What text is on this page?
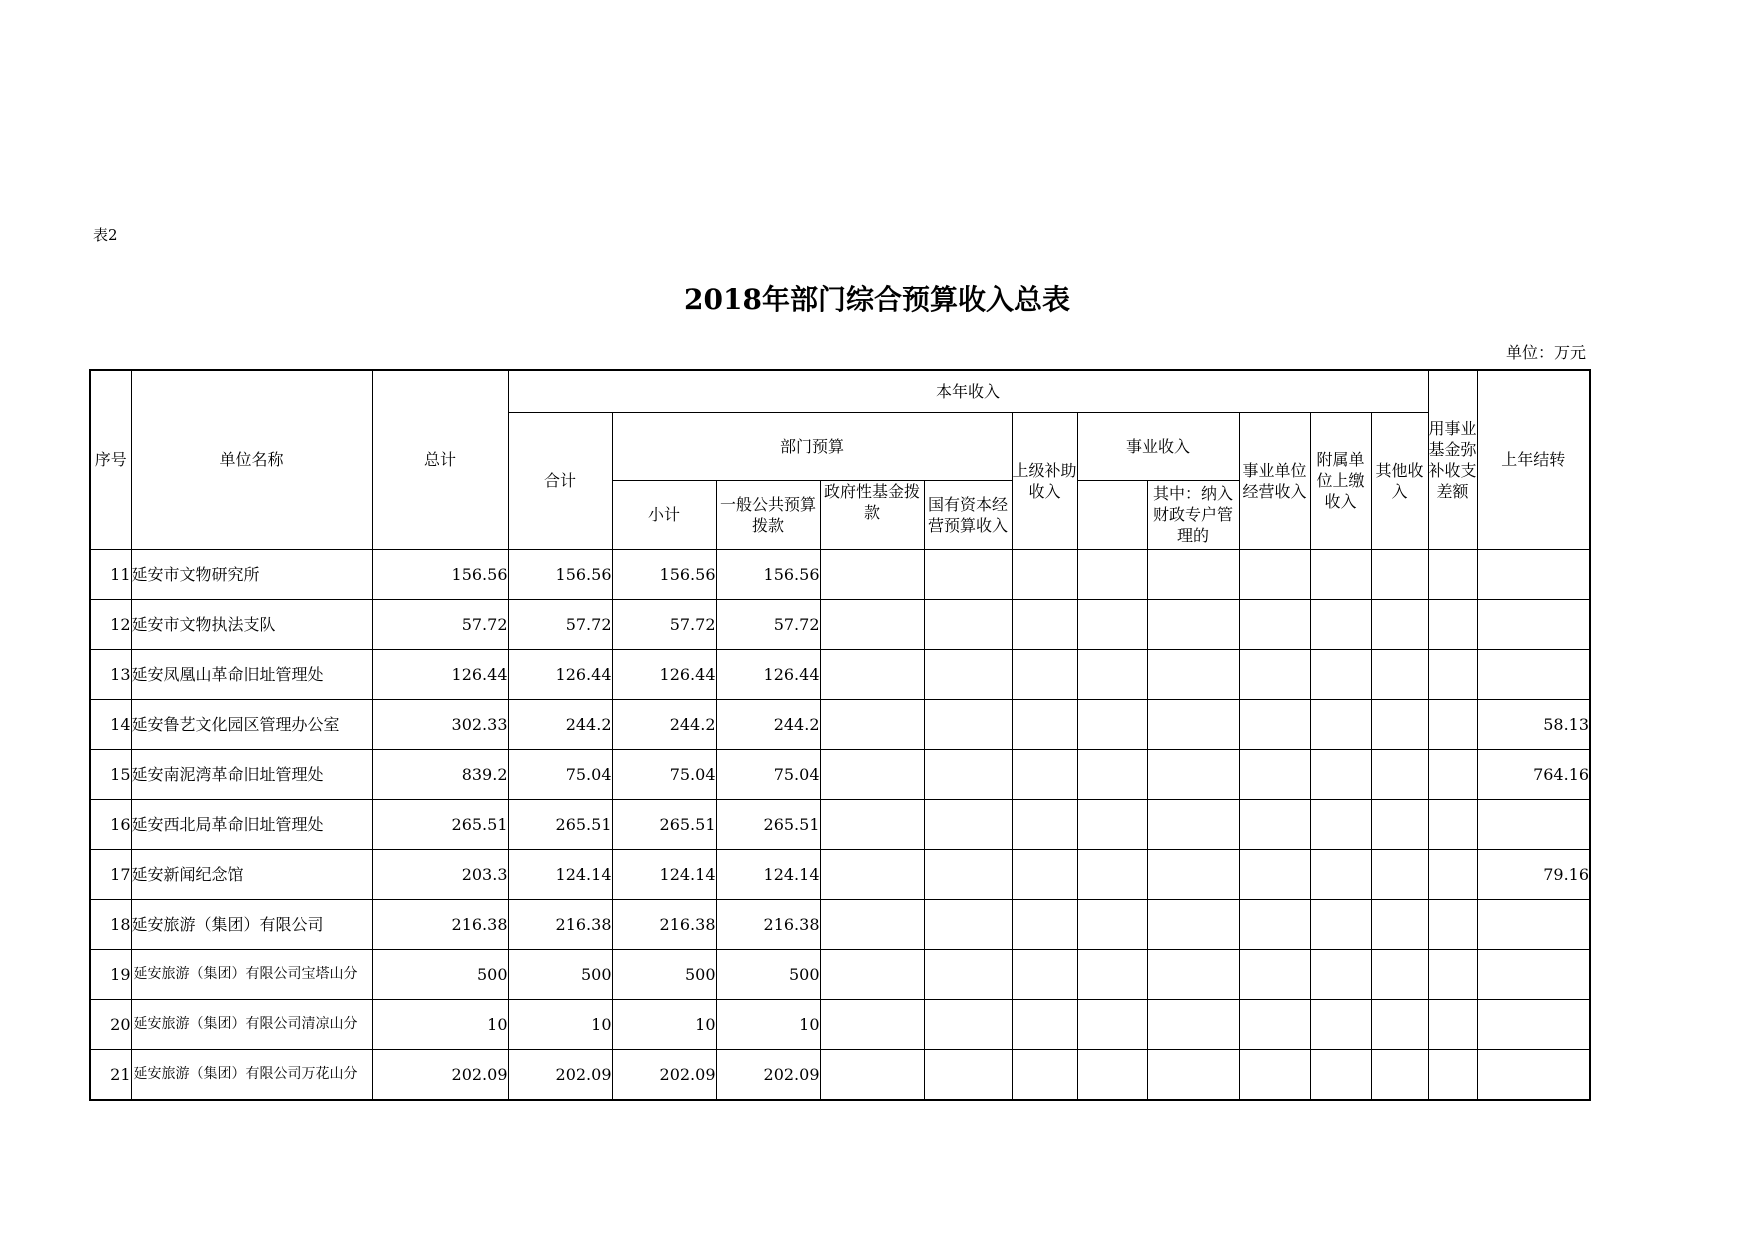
表2
2018年部门综合预算收入总表
单位：万元
序号	单位名称	总计	本年收入											用事业基金弥补收支差额	上年结转
			合计	部门预算				上级补助收入	事业收入		事业单位经营收入	附属单位上缴收入	其他收入		
				小计	一般公共预算拨款	政府性基金拨款	国有资本经营预算收入			其中：纳入财政专户管理的					
11	延安市文物研究所	156.56	156.56	156.56	156.56										
12	延安市文物执法支队	57.72	57.72	57.72	57.72										
13	延安凤凰山革命旧址管理处	126.44	126.44	126.44	126.44										
14	延安鲁艺文化园区管理办公室	302.33	244.2	244.2	244.2										58.13
15	延安南泥湾革命旧址管理处	839.2	75.04	75.04	75.04										764.16
16	延安西北局革命旧址管理处	265.51	265.51	265.51	265.51										
17	延安新闻纪念馆	203.3	124.14	124.14	124.14										79.16
18	延安旅游（集团）有限公司	216.38	216.38	216.38	216.38										
19	延安旅游（集团）有限公司宝塔山分	500	500	500	500										
20	延安旅游（集团）有限公司清凉山分	10	10	10	10										
21	延安旅游（集团）有限公司万花山分	202.09	202.09	202.09	202.09										
